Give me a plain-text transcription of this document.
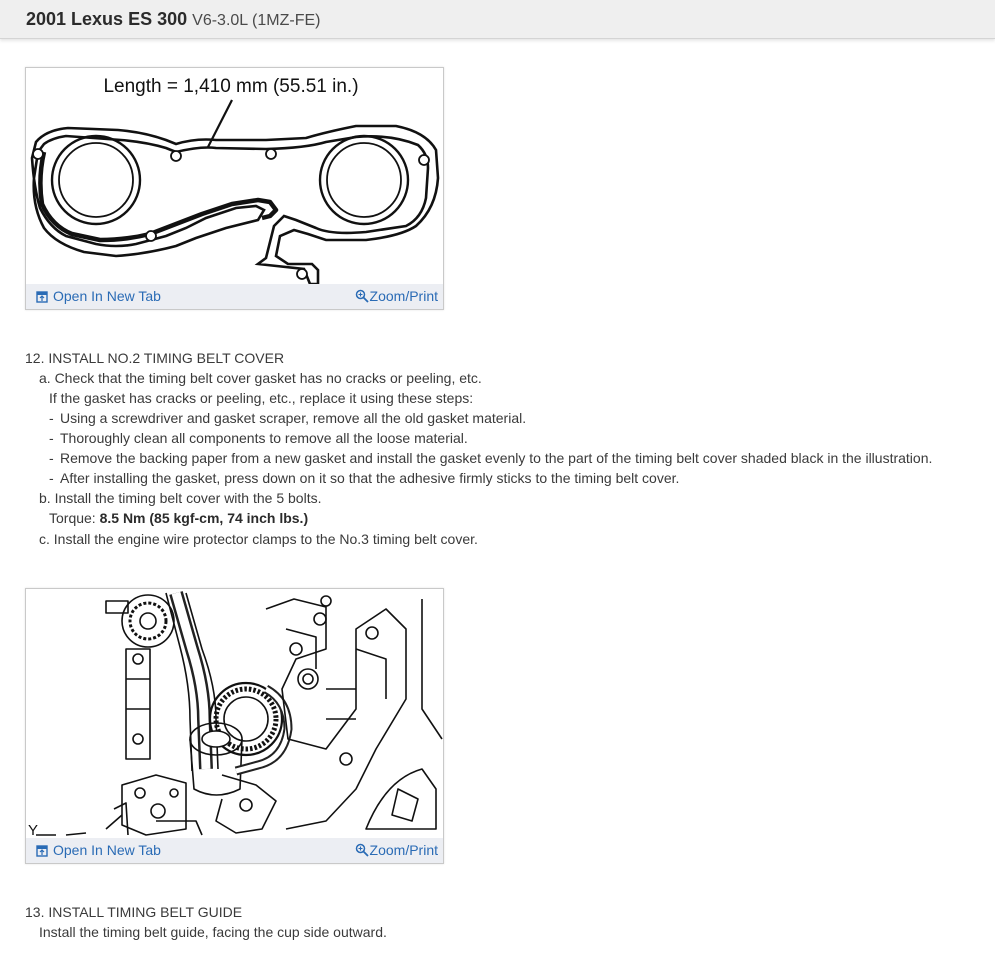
2001 Lexus ES 300 V6-3.0L (1MZ-FE)
Length = 1,410 mm (55.51 in.)
Open In New Tab	Zoom/Print
12. INSTALL NO.2 TIMING BELT COVER
a. Check that the timing belt cover gasket has no cracks or peeling, etc.
If the gasket has cracks or peeling, etc., replace it using these steps:
- Using a screwdriver and gasket scraper, remove all the old gasket material.
- Thoroughly clean all components to remove all the loose material.
- Remove the backing paper from a new gasket and install the gasket evenly to the part of the timing belt cover shaded black in the illustration.
- After installing the gasket, press down on it so that the adhesive firmly sticks to the timing belt cover.
b. Install the timing belt cover with the 5 bolts.
Torque: 8.5 Nm (85 kgf-cm, 74 inch lbs.)
c. Install the engine wire protector clamps to the No.3 timing belt cover.
Y
Open In New Tab	Zoom/Print
13. INSTALL TIMING BELT GUIDE
Install the timing belt guide, facing the cup side outward.
